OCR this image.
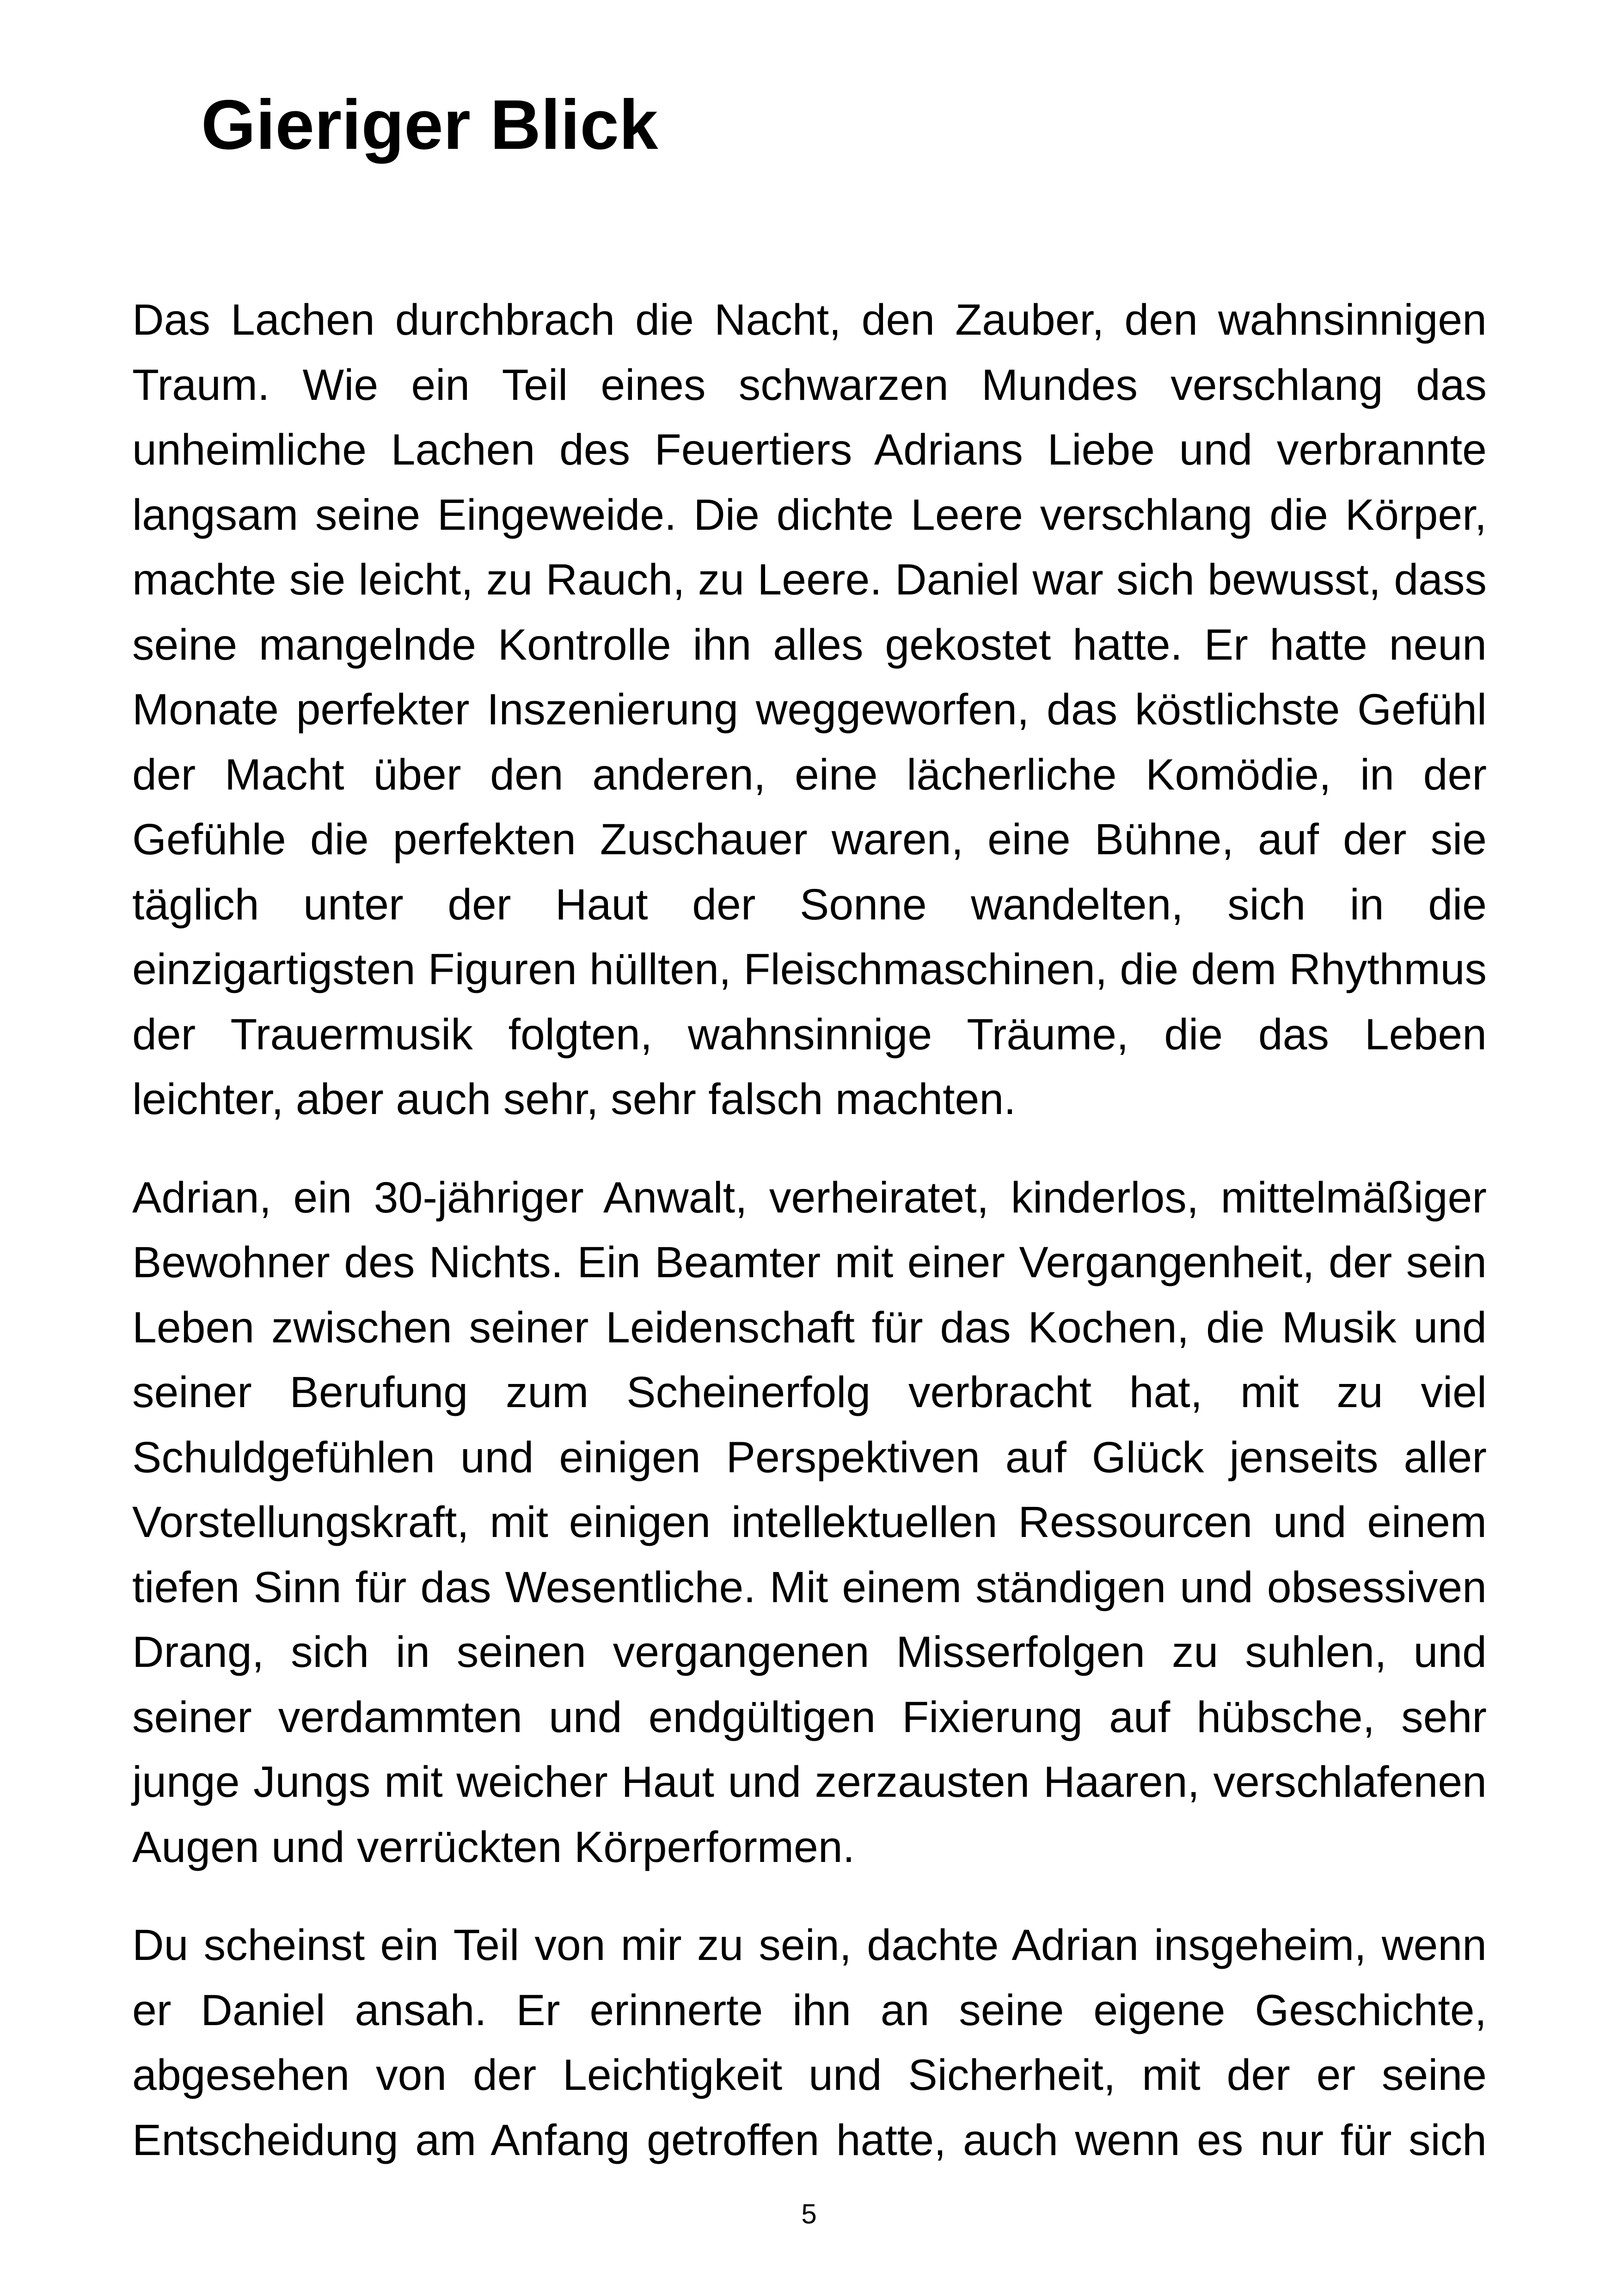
Gieriger Blick

Das Lachen durchbrach die Nacht, den Zauber, den wahnsinnigen Traum. Wie ein Teil eines schwarzen Mundes verschlang das unheimliche Lachen des Feuertiers Adrians Liebe und verbrannte langsam seine Eingeweide. Die dichte Leere verschlang die Körper, machte sie leicht, zu Rauch, zu Leere. Daniel war sich bewusst, dass seine mangelnde Kontrolle ihn alles gekostet hatte. Er hatte neun Monate perfekter Inszenierung weggeworfen, das köstlichste Gefühl der Macht über den anderen, eine lächerliche Komödie, in der Gefühle die perfekten Zuschauer waren, eine Bühne, auf der sie täglich unter der Haut der Sonne wandelten, sich in die einzigartigsten Figuren hüllten, Fleischmaschinen, die dem Rhythmus der Trauermusik folgten, wahnsinnige Träume, die das Leben leichter, aber auch sehr, sehr falsch machten.

Adrian, ein 30-jähriger Anwalt, verheiratet, kinderlos, mittelmäßiger Bewohner des Nichts. Ein Beamter mit einer Vergangenheit, der sein Leben zwischen seiner Leidenschaft für das Kochen, die Musik und seiner Berufung zum Scheinerfolg verbracht hat, mit zu viel Schuldgefühlen und einigen Perspektiven auf Glück jenseits aller Vorstellungskraft, mit einigen intellektuellen Ressourcen und einem tiefen Sinn für das Wesentliche. Mit einem ständigen und obsessiven Drang, sich in seinen vergangenen Misserfolgen zu suhlen, und seiner verdammten und endgültigen Fixierung auf hübsche, sehr junge Jungs mit weicher Haut und zerzausten Haaren, verschlafenen Augen und verrückten Körperformen.

Du scheinst ein Teil von mir zu sein, dachte Adrian insgeheim, wenn er Daniel ansah. Er erinnerte ihn an seine eigene Geschichte, abgesehen von der Leichtigkeit und Sicherheit, mit der er seine Entscheidung am Anfang getroffen hatte, auch wenn es nur für sich

5
